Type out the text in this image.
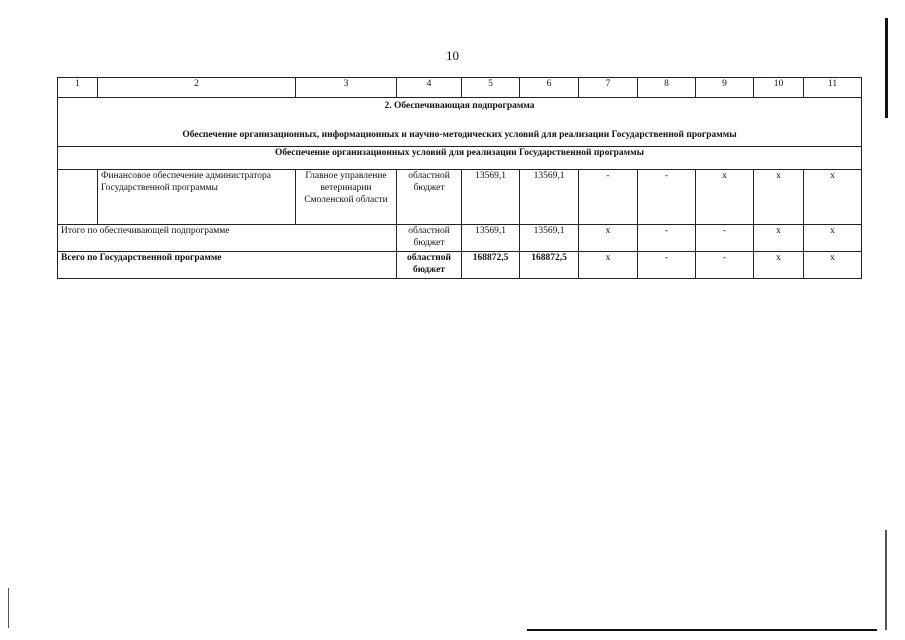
10
1	2	3	4	5	6	7	8	9	10	11

2. Обеспечивающая подпрограмма
Обеспечение организационных, информационных и научно-методических условий для реализации Государственной программы										

Обеспечение организационных условий для реализации Государственной программы										
	Финансовое обеспечение администратора Государственной программы	Главное управление ветеринарии Смоленской области	областной бюджет	13569,1	13569,1	-	-	х	х	х
Итого по обеспечивающей подпрограмме			областной бюджет	13569,1	13569,1	х	-	-	х	х
Всего по Государственной программе			областной бюджет	168872,5	168872,5	х	-	-	х	х
